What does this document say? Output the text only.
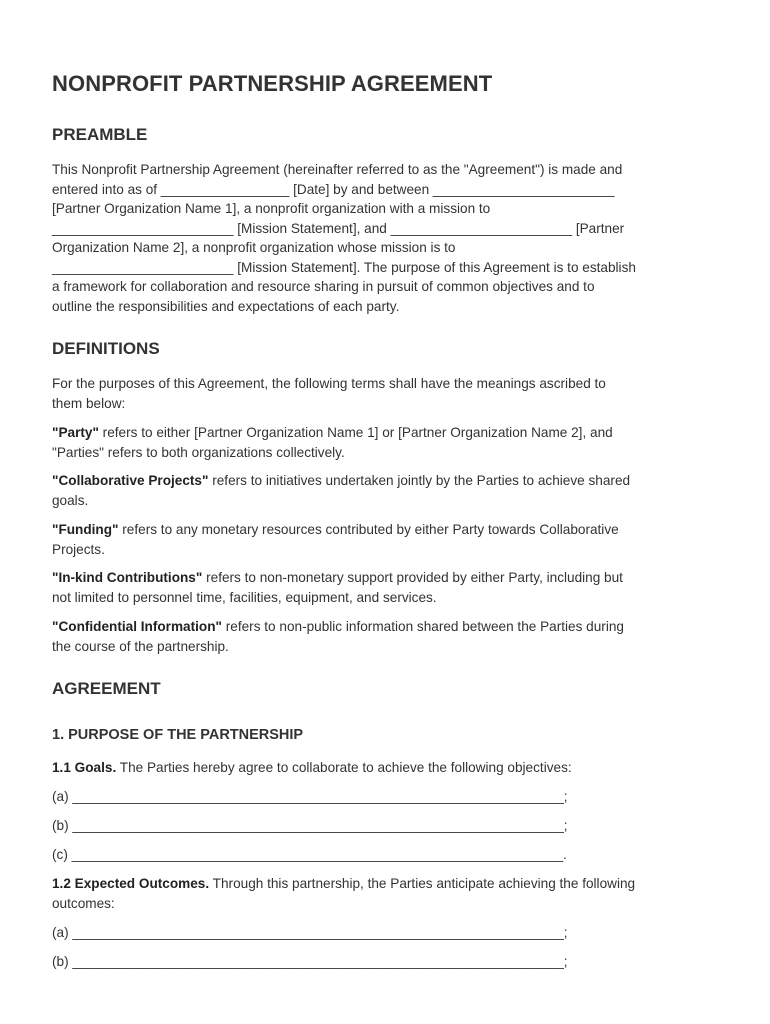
NONPROFIT PARTNERSHIP AGREEMENT
PREAMBLE
This Nonprofit Partnership Agreement (hereinafter referred to as the "Agreement") is made and
entered into as of _________________ [Date] by and between ________________________
[Partner Organization Name 1], a nonprofit organization with a mission to
________________________ [Mission Statement], and ________________________ [Partner
Organization Name 2], a nonprofit organization whose mission is to
________________________ [Mission Statement]. The purpose of this Agreement is to establish
a framework for collaboration and resource sharing in pursuit of common objectives and to
outline the responsibilities and expectations of each party.
DEFINITIONS
For the purposes of this Agreement, the following terms shall have the meanings ascribed to
them below:
"Party" refers to either [Partner Organization Name 1] or [Partner Organization Name 2], and
"Parties" refers to both organizations collectively.
"Collaborative Projects" refers to initiatives undertaken jointly by the Parties to achieve shared
goals.
"Funding" refers to any monetary resources contributed by either Party towards Collaborative
Projects.
"In-kind Contributions" refers to non-monetary support provided by either Party, including but
not limited to personnel time, facilities, equipment, and services.
"Confidential Information" refers to non-public information shared between the Parties during
the course of the partnership.
AGREEMENT
1. PURPOSE OF THE PARTNERSHIP
1.1 Goals. The Parties hereby agree to collaborate to achieve the following objectives:
(a) _________________________________________________________________;
(b) _________________________________________________________________;
(c) _________________________________________________________________.
1.2 Expected Outcomes. Through this partnership, the Parties anticipate achieving the following
outcomes:
(a) _________________________________________________________________;
(b) _________________________________________________________________;
